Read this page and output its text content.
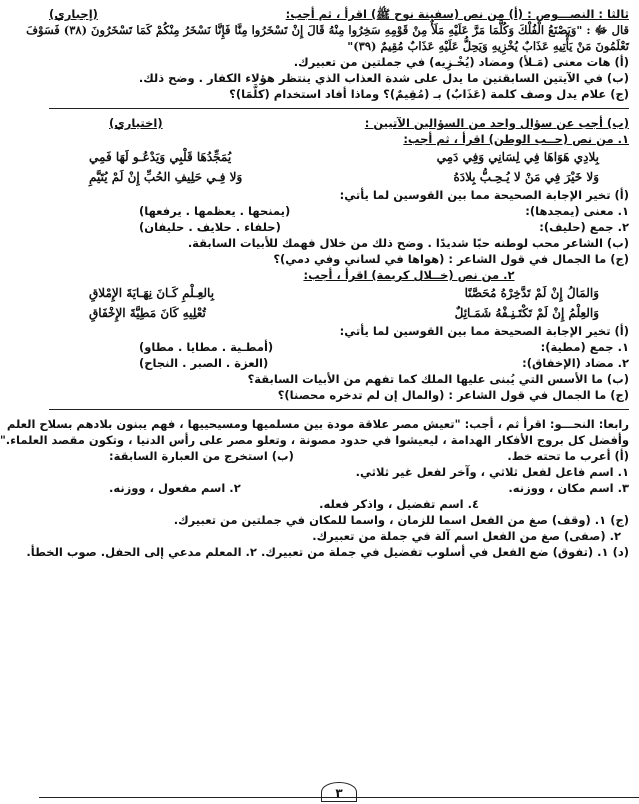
ثالثا : النصـــوص : (أ) من نص (سفينة نوح ﷺ) اقرأ ، ثم أجب:
(إجباري)
قال ﷻ : "وَيَصْنَعُ الْفُلْكَ وَكُلَّمَا مَرَّ عَلَيْهِ مَلَأٌ مِنْ قَوْمِهِ سَخِرُوا مِنْهُ قَالَ إِنْ تَسْخَرُوا مِنَّا فَإِنَّا نَسْخَرُ مِنْكُمْ كَمَا تَسْخَرُونَ (٣٨) فَسَوْفَ
تَعْلَمُونَ مَنْ يَأْتِيهِ عَذَابٌ يُخْزِيهِ وَيَحِلُّ عَلَيْهِ عَذَابٌ مُقِيمٌ (٣٩)"
(أ) هات معنى (مَـلأ) ومضاد (يُخْـزِيه) في جملتين من تعبيرك.
(ب) في الآيتين السابقتين ما يدل على شدة العذاب الذي ينتظر هؤلاء الكفار . وضح ذلك.
(ج) علام يدل وصف كلمة (عَذَابٌ) بـ (مُقِيمٌ)؟ وماذا أفاد استخدام (كلَّمَا)؟
(ب) أجب عن سؤال واحد من السؤالين الآتيين :
(اختياري)
١. من نص (حــب الوطن) اقرأ ، ثم أجب:
بِلادِي هَوَاهَا فِي لِسَانِي وَفِي دَمِي
يُمَجِّدُهَا قَلْبِي وَيَدْعُـو لَهَا فَمِي
وَلا خَيْرَ فِي مَنْ لا يُـحِـبُّ بِلادَهُ
وَلا فِـي حَلِيفِ الحُبِّ إِنْ لَمْ يُتَيَّمِ
(أ) تخير الإجابة الصحيحة مما بين القوسين لما يأتي:
١. معنى (يمجدها):
(يمنحها . يعظمها . يرفعها)
٢. جمع (حليف):
(حلفاء . حلايف . حليفان)
(ب) الشاعر محب لوطنه حبًا شديدًا . وضح ذلك من خلال فهمك للأبيات السابقة.
(ج) ما الجمال في قول الشاعر : (هواها في لساني وفي دمي)؟
٢. من نص (خــلال كريمة) اقرأ ، أجب:
وَالمَالُ إِنْ لَمْ تَدَّخِرْهُ مُحَصَّنًا
بِالعِـلْمِ كَـانَ نِهَـايَةَ الإِمْلاقِ
وَالعِلْمُ إِنْ لَمْ تَكْتَـنِـفْهُ شَمَـائِلٌ
تُعْلِيهِ كَانَ مَطِيَّةَ الإِخْفَاقِ
(أ) تخير الإجابة الصحيحة مما بين القوسين لما يأتي:
١. جمع (مطية):
(أمطـية . مطايا . مطاو)
٢. مضاد (الإخفاق):
(العزة . الصبر . النجاح)
(ب) ما الأسس التي يُبنى عليها الملك كما تفهم من الأبيات السابقة؟
(ج) ما الجمال في قول الشاعر : (والمال إن لم تدخره محصنا)؟
رابعا: النحـــو: اقرأ ثم ، أجب: "تعيش مصر علاقة مودة بين مسلميها ومسيحييها ، فهم يبنون بلادهم بسلاح العلم
وأفضل كل بروج الأفكار الهدامة ، ليعيشوا في حدود مصونة ، وتعلو مصر على رأس الدنيا ، وتكون مقصد العلماء."
(أ) أعرب ما تحته خط.
(ب) استخرج من العبارة السابقة:
١. اسم فاعل لفعل ثلاثي ، وآخر لفعل غير ثلاثي.
٣. اسم مكان ، ووزنه.
٢. اسم مفعول ، ووزنه.
٤. اسم تفضيل ، واذكر فعله.
(ج) ١. (وقف) صغ من الفعل اسما للزمان ، واسما للمكان في جملتين من تعبيرك.
٢. (صفى) صغ من الفعل اسم آلة في جملة من تعبيرك.
(د) ١. (تفوق) ضع الفعل في أسلوب تفضيل في جملة من تعبيرك. ٢. المعلم مدعي إلى الحفل. صوب الخطأ.
٣
